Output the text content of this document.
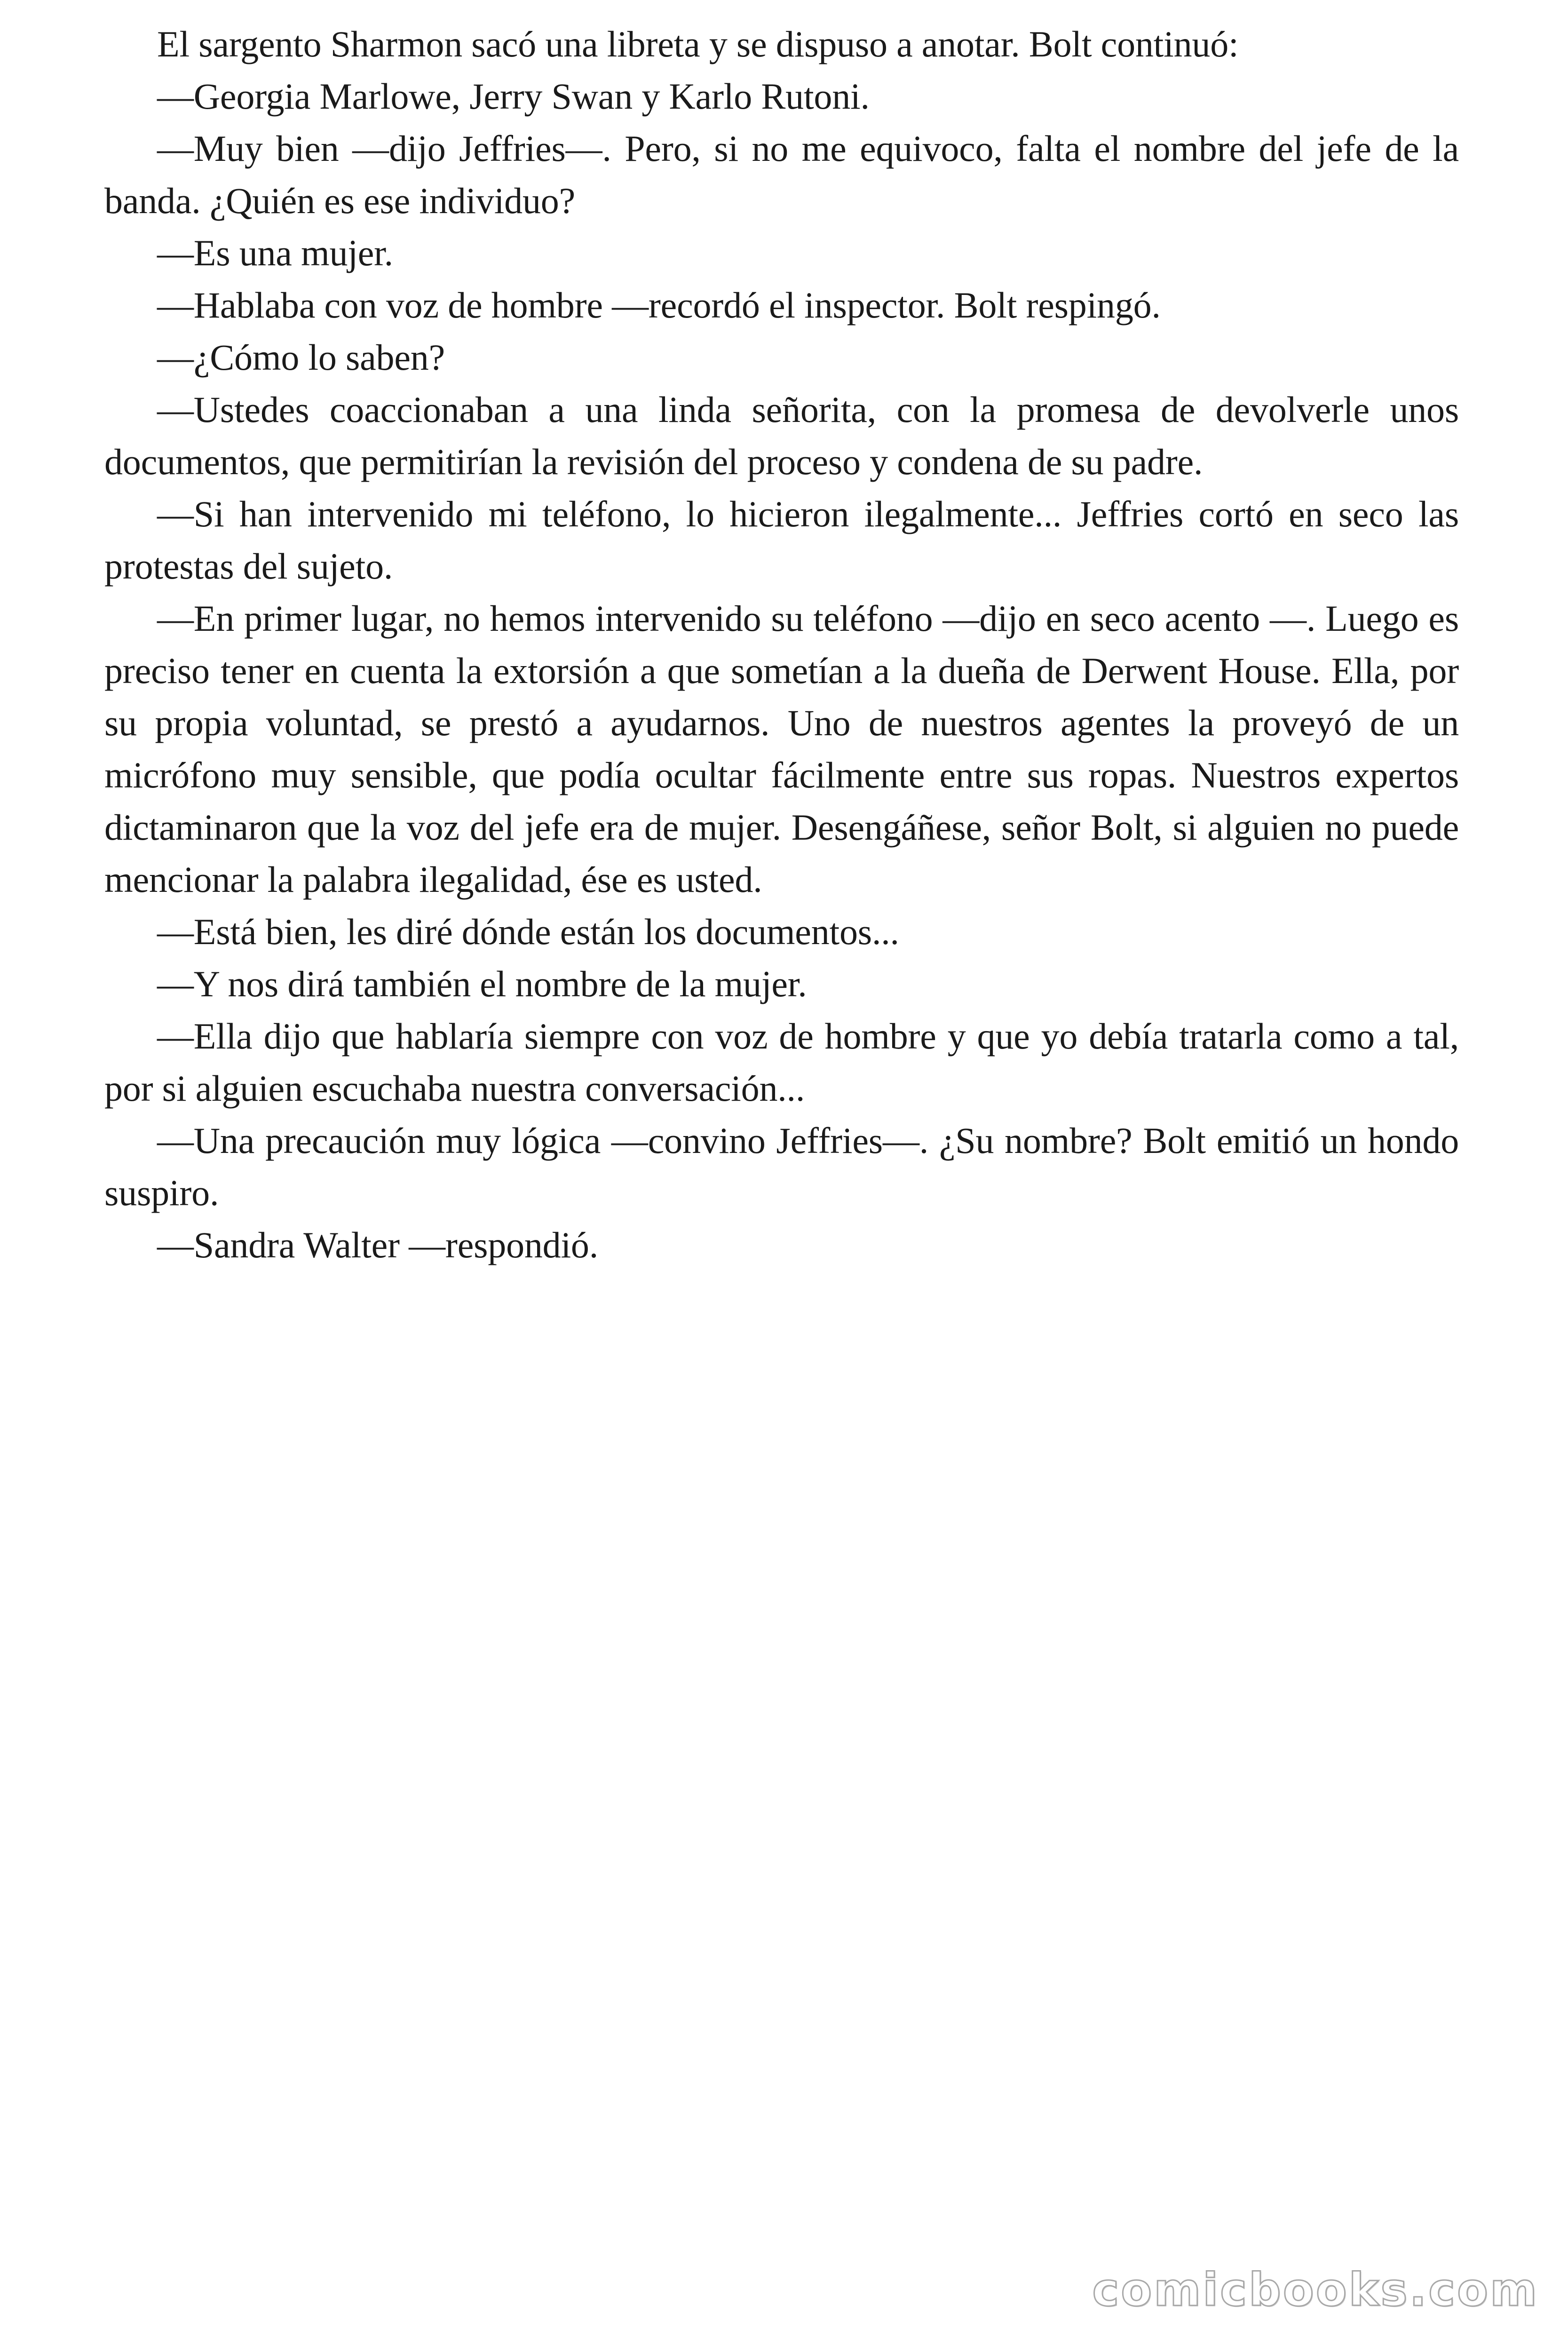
El sargento Sharmon sacó una libreta y se dispuso a anotar. Bolt continuó:

—Georgia Marlowe, Jerry Swan y Karlo Rutoni.

—Muy bien —dijo Jeffries—. Pero, si no me equivoco, falta el nombre del jefe de la banda. ¿Quién es ese individuo?

—Es una mujer.

—Hablaba con voz de hombre —recordó el inspector. Bolt respingó.

—¿Cómo lo saben?

—Ustedes coaccionaban a una linda señorita, con la promesa de devolverle unos documentos, que permitirían la revisión del proceso y condena de su padre.

—Si han intervenido mi teléfono, lo hicieron ilegalmente... Jeffries cortó en seco las protestas del sujeto.

—En primer lugar, no hemos intervenido su teléfono —dijo en seco acento —. Luego es preciso tener en cuenta la extorsión a que sometían a la dueña de Derwent House. Ella, por su propia voluntad, se prestó a ayudarnos. Uno de nuestros agentes la proveyó de un micrófono muy sensible, que podía ocultar fácilmente entre sus ropas. Nuestros expertos dictaminaron que la voz del jefe era de mujer. Desengáñese, señor Bolt, si alguien no puede mencionar la palabra ilegalidad, ése es usted.

—Está bien, les diré dónde están los documentos...

—Y nos dirá también el nombre de la mujer.

—Ella dijo que hablaría siempre con voz de hombre y que yo debía tratarla como a tal, por si alguien escuchaba nuestra conversación...

—Una precaución muy lógica —convino Jeffries—. ¿Su nombre? Bolt emitió un hondo suspiro.

—Sandra Walter —respondió.

comicbooks.com
